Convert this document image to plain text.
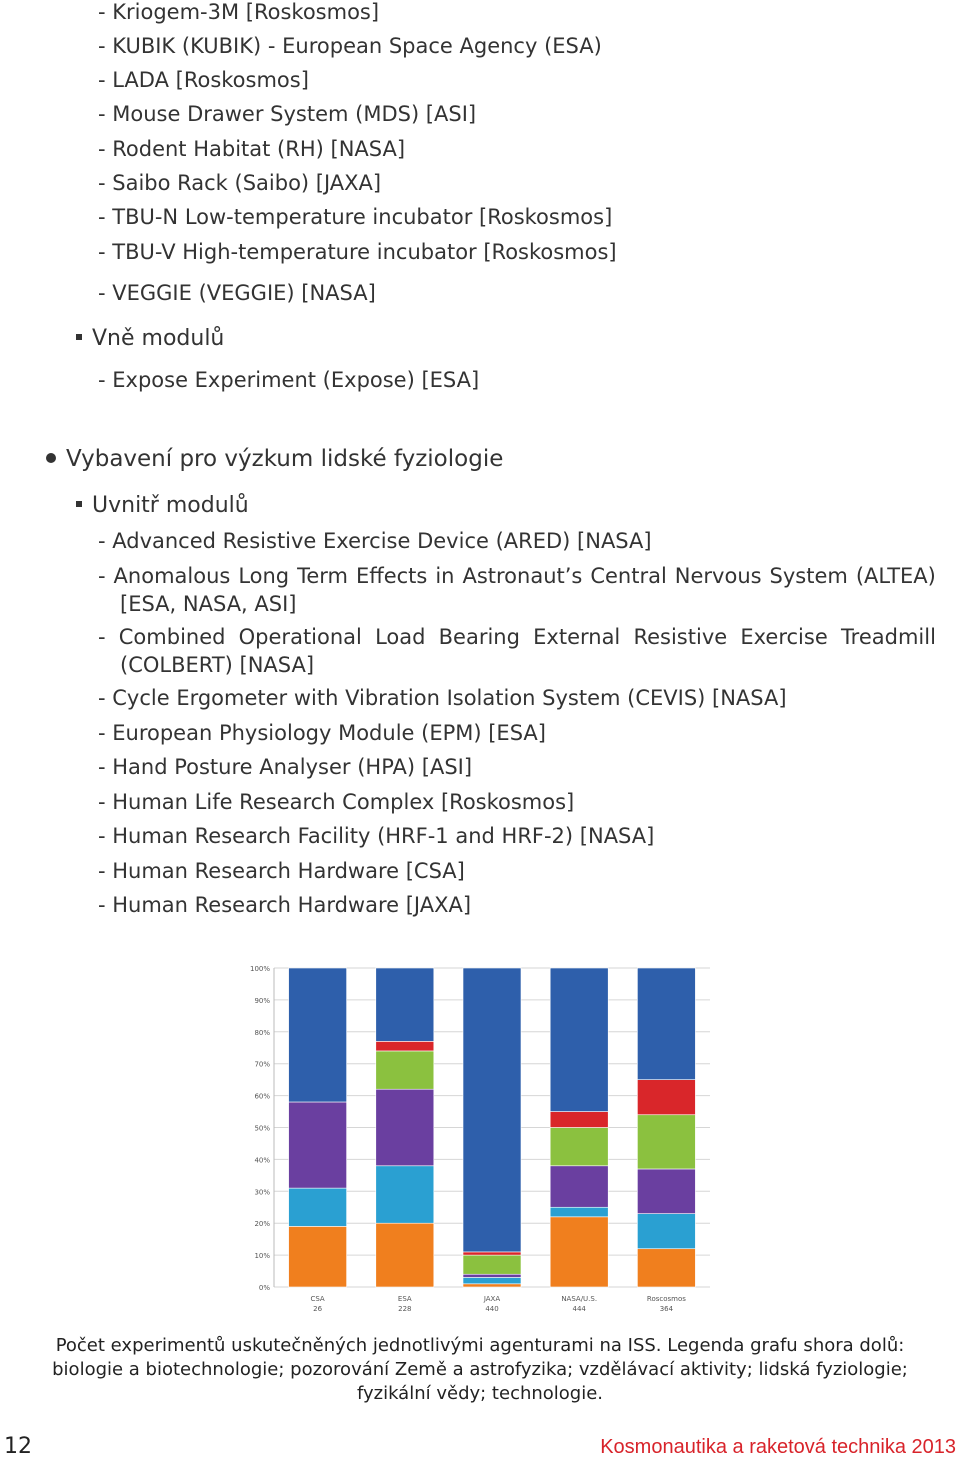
- Kriogem-3M [Roskosmos]
- KUBIK (KUBIK) - European Space Agency (ESA)
- LADA [Roskosmos]
- Mouse Drawer System (MDS) [ASI]
- Rodent Habitat (RH) [NASA]
- Saibo Rack (Saibo) [JAXA]
- TBU-N Low-temperature incubator [Roskosmos]
- TBU-V High-temperature incubator [Roskosmos]
- VEGGIE (VEGGIE) [NASA]
Vně modulů
- Expose Experiment (Expose) [ESA]
Vybavení pro výzkum lidské fyziologie
Uvnitř modulů
- Advanced Resistive Exercise Device (ARED) [NASA]
- Anomalous Long Term Effects in Astronaut’s Central Nervous System (ALTEA)
[ESA, NASA, ASI]
- Combined Operational Load Bearing External Resistive Exercise Treadmill
(COLBERT) [NASA]
- Cycle Ergometer with Vibration Isolation System (CEVIS) [NASA]
- European Physiology Module (EPM) [ESA]
- Hand Posture Analyser (HPA) [ASI]
- Human Life Research Complex [Roskosmos]
- Human Research Facility (HRF-1 and HRF-2) [NASA]
- Human Research Hardware [CSA]
- Human Research Hardware [JAXA]
0%
10%
20%
30%
40%
50%
60%
70%
80%
90%
100%
CSA
26
ESA
228
JAXA
440
NASA/U.S.
444
Roscosmos
364
Počet experimentů uskutečněných jednotlivými agenturami na ISS. Legenda grafu shora dolů:
biologie a biotechnologie; pozorování Země a astrofyzika; vzdělávací aktivity; lidská fyziologie;
fyzikální vědy; technologie.
12	Kosmonautika a raketová technika 2013
